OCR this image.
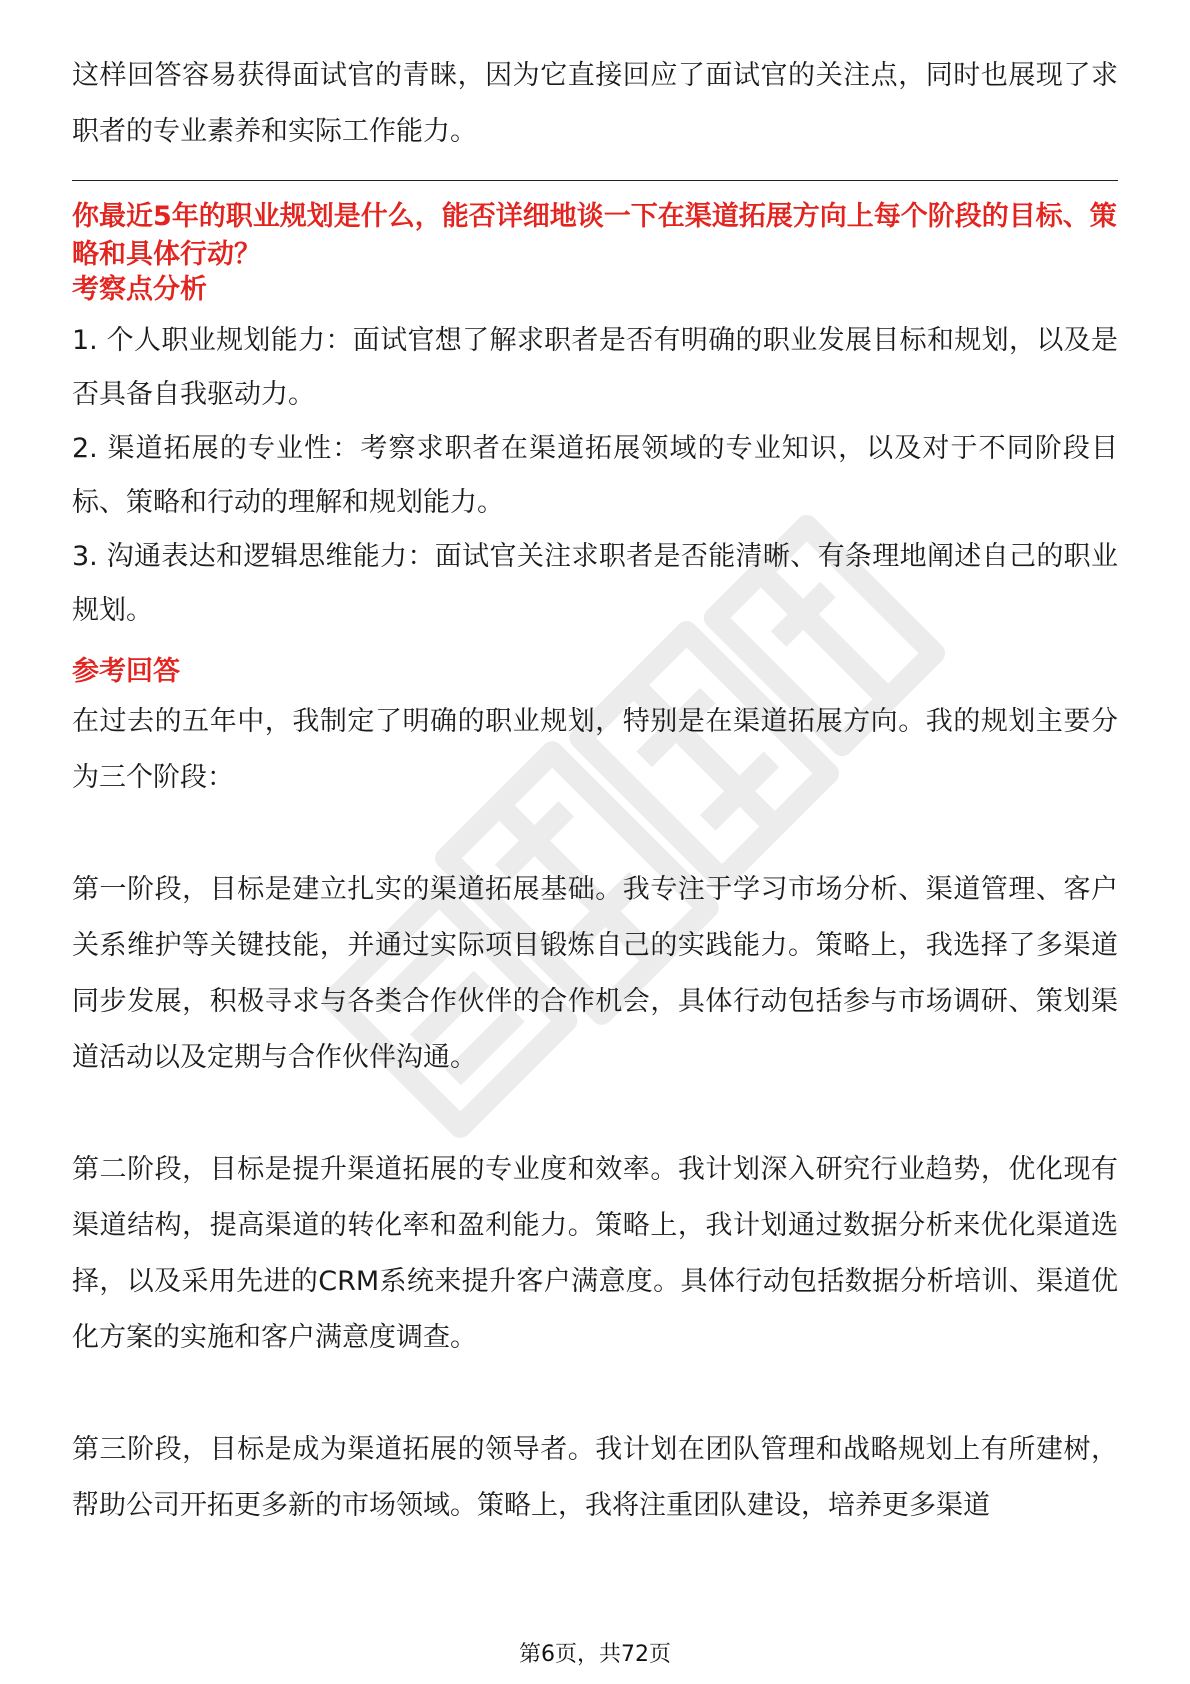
这样回答容易获得面试官的青睐，因为它直接回应了面试官的关注点，同时也展现了求职者的专业素养和实际工作能力。

你最近5年的职业规划是什么，能否详细地谈一下在渠道拓展方向上每个阶段的目标、策略和具体行动？

考察点分析

1. 个人职业规划能力：面试官想了解求职者是否有明确的职业发展目标和规划，以及是否具备自我驱动力。

2. 渠道拓展的专业性：考察求职者在渠道拓展领域的专业知识，以及对于不同阶段目标、策略和行动的理解和规划能力。

3. 沟通表达和逻辑思维能力：面试官关注求职者是否能清晰、有条理地阐述自己的职业规划。

参考回答

在过去的五年中，我制定了明确的职业规划，特别是在渠道拓展方向。我的规划主要分为三个阶段：

第一阶段，目标是建立扎实的渠道拓展基础。我专注于学习市场分析、渠道管理、客户关系维护等关键技能，并通过实际项目锻炼自己的实践能力。策略上，我选择了多渠道同步发展，积极寻求与各类合作伙伴的合作机会，具体行动包括参与市场调研、策划渠道活动以及定期与合作伙伴沟通。

第二阶段，目标是提升渠道拓展的专业度和效率。我计划深入研究行业趋势，优化现有渠道结构，提高渠道的转化率和盈利能力。策略上，我计划通过数据分析来优化渠道选择，以及采用先进的CRM系统来提升客户满意度。具体行动包括数据分析培训、渠道优化方案的实施和客户满意度调查。

第三阶段，目标是成为渠道拓展的领导者。我计划在团队管理和战略规划上有所建树，帮助公司开拓更多新的市场领域。策略上，我将注重团队建设，培养更多渠道

第6页，共72页
